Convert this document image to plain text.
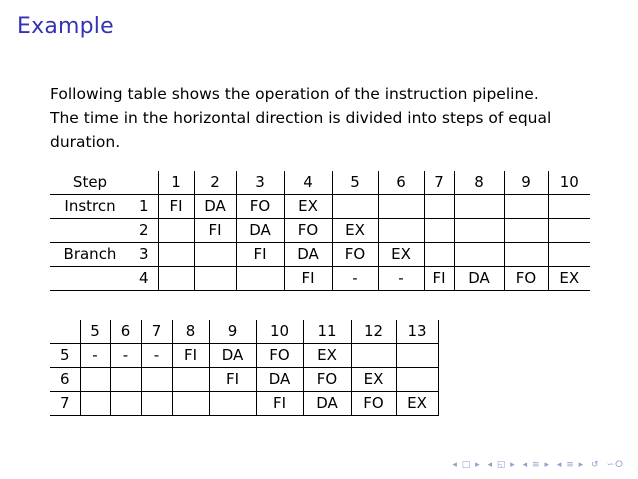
Example
Following table shows the operation of the instruction pipeline.
The time in the horizontal direction is divided into steps of equal
duration.
Step		1	2	3	4	5	6	7	8	9	10
Instrcn	1	FI	DA	FO	EX						
	2		FI	DA	FO	EX					
Branch	3			FI	DA	FO	EX				
	4				FI	-	-	FI	DA	FO	EX
	5	6	7	8	9	10	11	12	13
5	-	-	-	FI	DA	FO	EX		
6					FI	DA	FO	EX	
7						FI	DA	FO	EX
◂ □ ▸ ◂ ◱ ▸ ◂ ≡ ▸ ◂ ≡ ▸ ↺ ∽ⵔ
